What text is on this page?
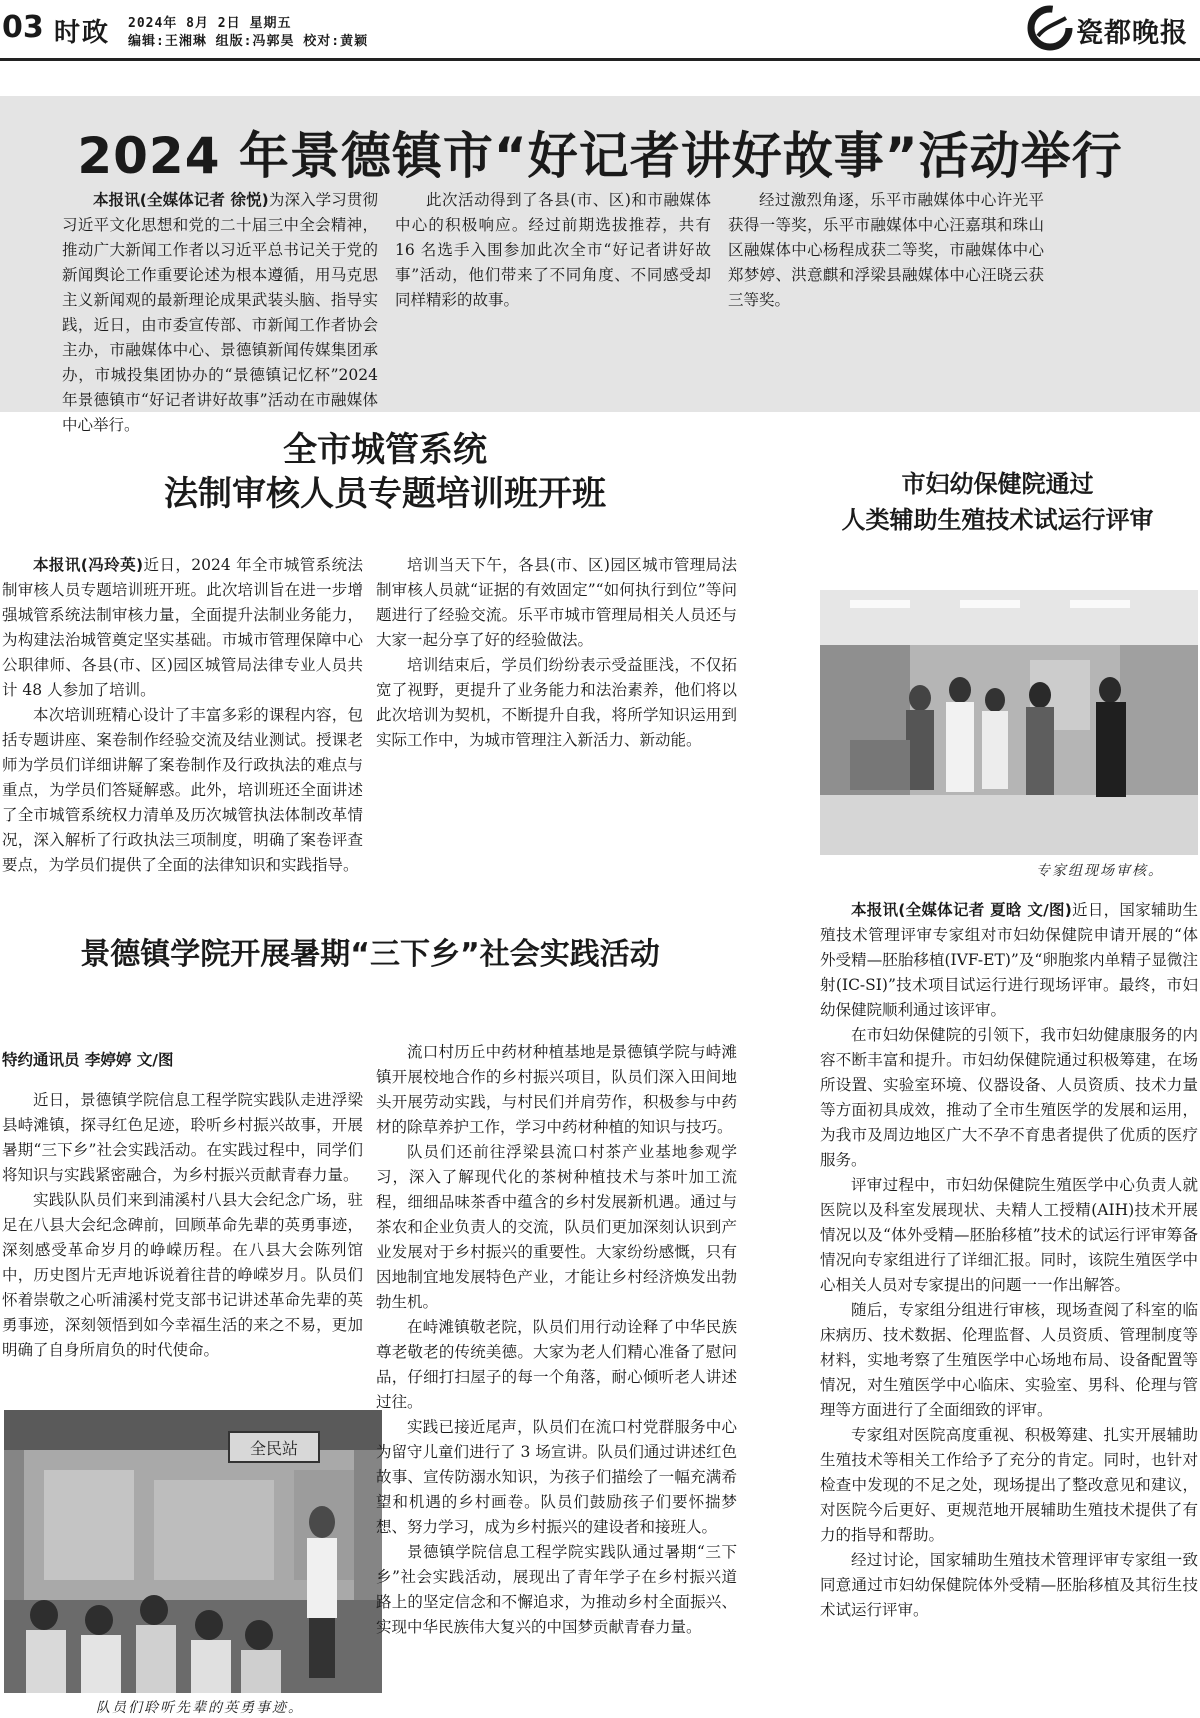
03 时政 2024年 8月 2日 星期五
编辑:王湘琳 组版:冯郭昊 校对:黄颖	瓷都晚报
2024 年景德镇市“好记者讲好故事”活动举行

本报讯(全媒体记者 徐悦)为深入学习贯彻习近平文化思想和党的二十届三中全会精神，推动广大新闻工作者以习近平总书记关于党的新闻舆论工作重要论述为根本遵循，用马克思主义新闻观的最新理论成果武装头脑、指导实践，近日，由市委宣传部、市新闻工作者协会主办，市融媒体中心、景德镇新闻传媒集团承办，市城投集团协办的“景德镇记忆杯”2024 年景德镇市“好记者讲好故事”活动在市融媒体中心举行。

此次活动得到了各县(市、区)和市融媒体中心的积极响应。经过前期选拔推荐，共有 16 名选手入围参加此次全市“好记者讲好故事”活动，他们带来了不同角度、不同感受却同样精彩的故事。

经过激烈角逐，乐平市融媒体中心许光平获得一等奖，乐平市融媒体中心汪嘉琪和珠山区融媒体中心杨程成获二等奖，市融媒体中心郑梦婷、洪意麒和浮梁县融媒体中心汪晓云获三等奖。

全市城管系统
法制审核人员专题培训班开班

本报讯(冯玲英)近日，2024 年全市城管系统法制审核人员专题培训班开班。此次培训旨在进一步增强城管系统法制审核力量，全面提升法制业务能力，为构建法治城管奠定坚实基础。市城市管理保障中心公职律师、各县(市、区)园区城管局法律专业人员共计 48 人参加了培训。

本次培训班精心设计了丰富多彩的课程内容，包括专题讲座、案卷制作经验交流及结业测试。授课老师为学员们详细讲解了案卷制作及行政执法的难点与重点，为学员们答疑解惑。此外，培训班还全面讲述了全市城管系统权力清单及历次城管执法体制改革情况，深入解析了行政执法三项制度，明确了案卷评查要点，为学员们提供了全面的法律知识和实践指导。

培训当天下午，各县(市、区)园区城市管理局法制审核人员就“证据的有效固定”“如何执行到位”等问题进行了经验交流。乐平市城市管理局相关人员还与大家一起分享了好的经验做法。

培训结束后，学员们纷纷表示受益匪浅，不仅拓宽了视野，更提升了业务能力和法治素养，他们将以此次培训为契机，不断提升自我，将所学知识运用到实际工作中，为城市管理注入新活力、新动能。

景德镇学院开展暑期“三下乡”社会实践活动
特约通讯员 李婷婷 文/图

近日，景德镇学院信息工程学院实践队走进浮梁县峙滩镇，探寻红色足迹，聆听乡村振兴故事，开展暑期“三下乡”社会实践活动。在实践过程中，同学们将知识与实践紧密融合，为乡村振兴贡献青春力量。

实践队队员们来到浦溪村八县大会纪念广场，驻足在八县大会纪念碑前，回顾革命先辈的英勇事迹，深刻感受革命岁月的峥嵘历程。在八县大会陈列馆中，历史图片无声地诉说着往昔的峥嵘岁月。队员们怀着崇敬之心听浦溪村党支部书记讲述革命先辈的英勇事迹，深刻领悟到如今幸福生活的来之不易，更加明确了自身所肩负的时代使命。

全民站
队员们聆听先辈的英勇事迹。

流口村历丘中药材种植基地是景德镇学院与峙滩镇开展校地合作的乡村振兴项目，队员们深入田间地头开展劳动实践，与村民们并肩劳作，积极参与中药材的除草养护工作，学习中药材种植的知识与技巧。

队员们还前往浮梁县流口村茶产业基地参观学习，深入了解现代化的茶树种植技术与茶叶加工流程，细细品味茶香中蕴含的乡村发展新机遇。通过与茶农和企业负责人的交流，队员们更加深刻认识到产业发展对于乡村振兴的重要性。大家纷纷感慨，只有因地制宜地发展特色产业，才能让乡村经济焕发出勃勃生机。

在峙滩镇敬老院，队员们用行动诠释了中华民族尊老敬老的传统美德。大家为老人们精心准备了慰问品，仔细打扫屋子的每一个角落，耐心倾听老人讲述过往。

实践已接近尾声，队员们在流口村党群服务中心为留守儿童们进行了 3 场宣讲。队员们通过讲述红色故事、宣传防溺水知识，为孩子们描绘了一幅充满希望和机遇的乡村画卷。队员们鼓励孩子们要怀揣梦想、努力学习，成为乡村振兴的建设者和接班人。

景德镇学院信息工程学院实践队通过暑期“三下乡”社会实践活动，展现出了青年学子在乡村振兴道路上的坚定信念和不懈追求，为推动乡村全面振兴、实现中华民族伟大复兴的中国梦贡献青春力量。

市妇幼保健院通过
人类辅助生殖技术试运行评审
专家组现场审核。

本报讯(全媒体记者 夏晗 文/图)近日，国家辅助生殖技术管理评审专家组对市妇幼保健院申请开展的“体外受精—胚胎移植(IVF-ET)”及“卵胞浆内单精子显微注射(IC-SI)”技术项目试运行进行现场评审。最终，市妇幼保健院顺利通过该评审。

在市妇幼保健院的引领下，我市妇幼健康服务的内容不断丰富和提升。市妇幼保健院通过积极筹建，在场所设置、实验室环境、仪器设备、人员资质、技术力量等方面初具成效，推动了全市生殖医学的发展和运用，为我市及周边地区广大不孕不育患者提供了优质的医疗服务。

评审过程中，市妇幼保健院生殖医学中心负责人就医院以及科室发展现状、夫精人工授精(AIH)技术开展情况以及“体外受精—胚胎移植”技术的试运行评审筹备情况向专家组进行了详细汇报。同时，该院生殖医学中心相关人员对专家提出的问题一一作出解答。

随后，专家组分组进行审核，现场查阅了科室的临床病历、技术数据、伦理监督、人员资质、管理制度等材料，实地考察了生殖医学中心场地布局、设备配置等情况，对生殖医学中心临床、实验室、男科、伦理与管理等方面进行了全面细致的评审。

专家组对医院高度重视、积极筹建、扎实开展辅助生殖技术等相关工作给予了充分的肯定。同时，也针对检查中发现的不足之处，现场提出了整改意见和建议，对医院今后更好、更规范地开展辅助生殖技术提供了有力的指导和帮助。

经过讨论，国家辅助生殖技术管理评审专家组一致同意通过市妇幼保健院体外受精—胚胎移植及其衍生技术试运行评审。
